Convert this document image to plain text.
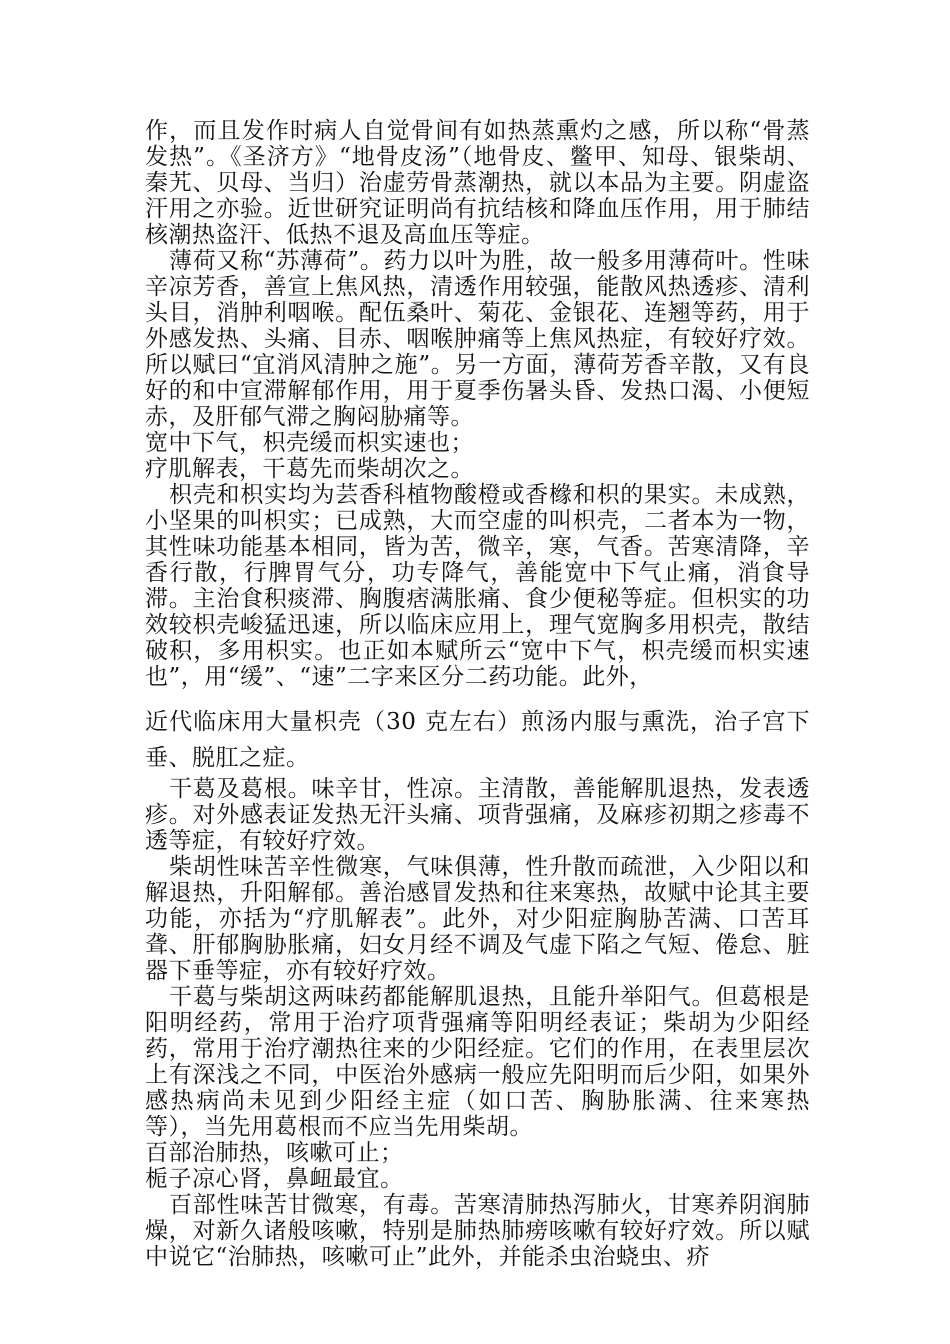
作，而且发作时病人自觉骨间有如热蒸熏灼之感，所以称“骨蒸发热”。《圣济方》“地骨皮汤”（地骨皮、鳖甲、知母、银柴胡、秦艽、贝母、当归）治虚劳骨蒸潮热，就以本品为主要。阴虚盗汗用之亦验。近世研究证明尚有抗结核和降血压作用，用于肺结核潮热盗汗、低热不退及高血压等症。

薄荷又称“苏薄荷”。药力以叶为胜，故一般多用薄荷叶。性味辛凉芳香，善宣上焦风热，清透作用较强，能散风热透疹、清利头目，消肿利咽喉。配伍桑叶、菊花、金银花、连翘等药，用于外感发热、头痛、目赤、咽喉肿痛等上焦风热症，有较好疗效。所以赋曰“宜消风清肿之施”。另一方面，薄荷芳香辛散，又有良好的和中宣滞解郁作用，用于夏季伤暑头昏、发热口渴、小便短赤，及肝郁气滞之胸闷胁痛等。

宽中下气，枳壳缓而枳实速也；

疗肌解表，干葛先而柴胡次之。

枳壳和枳实均为芸香科植物酸橙或香橼和枳的果实。未成熟，小坚果的叫枳实；已成熟，大而空虚的叫枳壳，二者本为一物，其性味功能基本相同，皆为苦，微辛，寒，气香。苦寒清降，辛香行散，行脾胃气分，功专降气，善能宽中下气止痛，消食导滞。主治食积痰滞、胸腹痞满胀痛、食少便秘等症。但枳实的功效较枳壳峻猛迅速，所以临床应用上，理气宽胸多用枳壳，散结破积，多用枳实。也正如本赋所云“宽中下气，枳壳缓而枳实速也”，用“缓”、“速”二字来区分二药功能。此外，

近代临床用大量枳壳（30 克左右）煎汤内服与熏洗，治子宫下垂、脱肛之症。

干葛及葛根。味辛甘，性凉。主清散，善能解肌退热，发表透疹。对外感表证发热无汗头痛、项背强痛，及麻疹初期之疹毒不透等症，有较好疗效。

柴胡性味苦辛性微寒，气味俱薄，性升散而疏泄，入少阳以和解退热，升阳解郁。善治感冒发热和往来寒热，故赋中论其主要功能，亦括为“疗肌解表”。此外，对少阳症胸胁苦满、口苦耳聋、肝郁胸胁胀痛，妇女月经不调及气虚下陷之气短、倦怠、脏器下垂等症，亦有较好疗效。

干葛与柴胡这两味药都能解肌退热，且能升举阳气。但葛根是阳明经药，常用于治疗项背强痛等阳明经表证；柴胡为少阳经药，常用于治疗潮热往来的少阳经症。它们的作用，在表里层次上有深浅之不同，中医治外感病一般应先阳明而后少阳，如果外感热病尚未见到少阳经主症（如口苦、胸胁胀满、往来寒热等），当先用葛根而不应当先用柴胡。

百部治肺热，咳嗽可止；

栀子凉心肾，鼻衄最宜。

百部性味苦甘微寒，有毒。苦寒清肺热泻肺火，甘寒养阴润肺燥，对新久诸般咳嗽，特别是肺热肺痨咳嗽有较好疗效。所以赋中说它“治肺热，咳嗽可止”此外，并能杀虫治蛲虫、疥
